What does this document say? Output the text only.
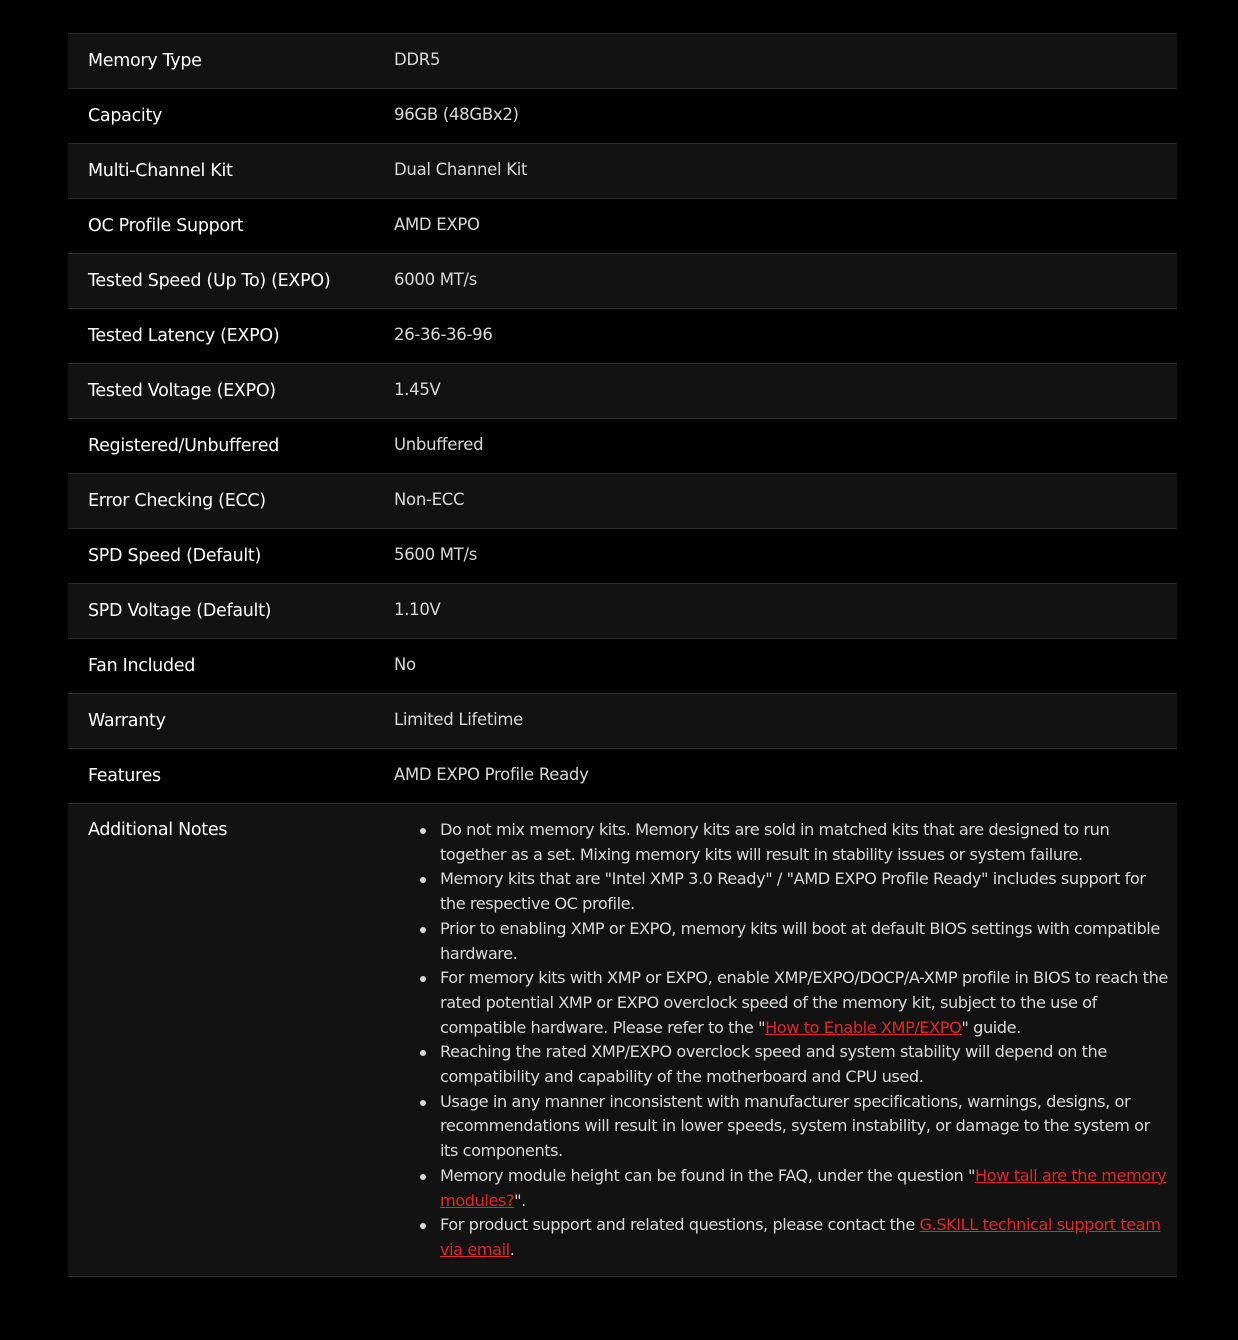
Memory Type	DDR5
Capacity	96GB (48GBx2)
Multi-Channel Kit	Dual Channel Kit
OC Profile Support	AMD EXPO
Tested Speed (Up To) (EXPO)	6000 MT/s
Tested Latency (EXPO)	26-36-36-96
Tested Voltage (EXPO)	1.45V
Registered/Unbuffered	Unbuffered
Error Checking (ECC)	Non-ECC
SPD Speed (Default)	5600 MT/s
SPD Voltage (Default)	1.10V
Fan Included	No
Warranty	Limited Lifetime
Features	AMD EXPO Profile Ready
Additional Notes	Do not mix memory kits. Memory kits are sold in matched kits that are designed to run together as a set. Mixing memory kits will result in stability issues or system failure.
Memory kits that are "Intel XMP 3.0 Ready" / "AMD EXPO Profile Ready" includes support for the respective OC profile.
Prior to enabling XMP or EXPO, memory kits will boot at default BIOS settings with compatible hardware.
For memory kits with XMP or EXPO, enable XMP/EXPO/DOCP/A-XMP profile in BIOS to reach the rated potential XMP or EXPO overclock speed of the memory kit, subject to the use of compatible hardware. Please refer to the "How to Enable XMP/EXPO" guide.
Reaching the rated XMP/EXPO overclock speed and system stability will depend on the compatibility and capability of the motherboard and CPU used.
Usage in any manner inconsistent with manufacturer specifications, warnings, designs, or recommendations will result in lower speeds, system instability, or damage to the system or its components.
Memory module height can be found in the FAQ, under the question "How tall are the memory modules?".
For product support and related questions, please contact the G.SKILL technical support team via email.
